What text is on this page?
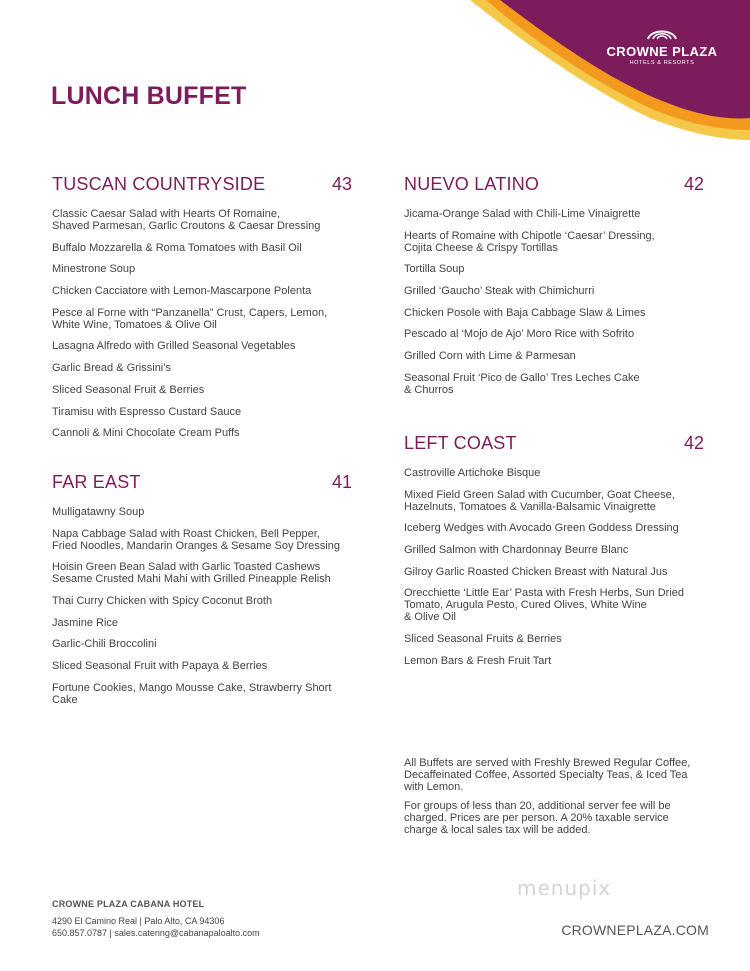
CROWNE PLAZA
HOTELS & RESORTS
LUNCH BUFFET
TUSCAN COUNTRYSIDE	43
Classic Caesar Salad with Hearts Of Romaine,
Shaved Parmesan, Garlic Croutons & Caesar Dressing
Buffalo Mozzarella & Roma Tomatoes with Basil Oil
Minestrone Soup
Chicken Cacciatore with Lemon-Mascarpone Polenta
Pesce al Forne with “Panzanella” Crust, Capers, Lemon,
White Wine, Tomatoes & Olive Oil
Lasagna Alfredo with Grilled Seasonal Vegetables
Garlic Bread & Grissini’s
Sliced Seasonal Fruit & Berries
Tiramisu with Espresso Custard Sauce
Cannoli & Mini Chocolate Cream Puffs
FAR EAST	41
Mulligatawny Soup
Napa Cabbage Salad with Roast Chicken, Bell Pepper,
Fried Noodles, Mandarin Oranges & Sesame Soy Dressing
Hoisin Green Bean Salad with Garlic Toasted Cashews
Sesame Crusted Mahi Mahi with Grilled Pineapple Relish
Thai Curry Chicken with Spicy Coconut Broth
Jasmine Rice
Garlic-Chili Broccolini
Sliced Seasonal Fruit with Papaya & Berries
Fortune Cookies, Mango Mousse Cake, Strawberry Short
Cake
NUEVO LATINO	42
Jicama-Orange Salad with Chili-Lime Vinaigrette
Hearts of Romaine with Chipotle ‘Caesar’ Dressing,
Cojita Cheese & Crispy Tortillas
Tortilla Soup
Grilled ‘Gaucho’ Steak with Chimichurri
Chicken Posole with Baja Cabbage Slaw & Limes
Pescado al ‘Mojo de Ajo’ Moro Rice with Sofrito
Grilled Corn with Lime & Parmesan
Seasonal Fruit ‘Pico de Gallo’ Tres Leches Cake
& Churros
LEFT COAST	42
Castroville Artichoke Bisque
Mixed Field Green Salad with Cucumber, Goat Cheese,
Hazelnuts, Tomatoes & Vanilla-Balsamic Vinaigrette
Iceberg Wedges with Avocado Green Goddess Dressing
Grilled Salmon with Chardonnay Beurre Blanc
Gilroy Garlic Roasted Chicken Breast with Natural Jus
Orecchiette ‘Little Ear’ Pasta with Fresh Herbs, Sun Dried
Tomato, Arugula Pesto, Cured Olives, White Wine
& Olive Oil
Sliced Seasonal Fruits & Berries
Lemon Bars & Fresh Fruit Tart

All Buffets are served with Freshly Brewed Regular Coffee,
Decaffeinated Coffee, Assorted Specialty Teas, & Iced Tea
with Lemon.

For groups of less than 20, additional server fee will be
charged. Prices are per person. A 20% taxable service
charge & local sales tax will be added.

CROWNE PLAZA CABANA HOTEL
4290 El Camino Real | Palo Alto, CA 94306
650.857.0787 | sales.catering@cabanapaloalto.com
menupix
CROWNEPLAZA.COM
